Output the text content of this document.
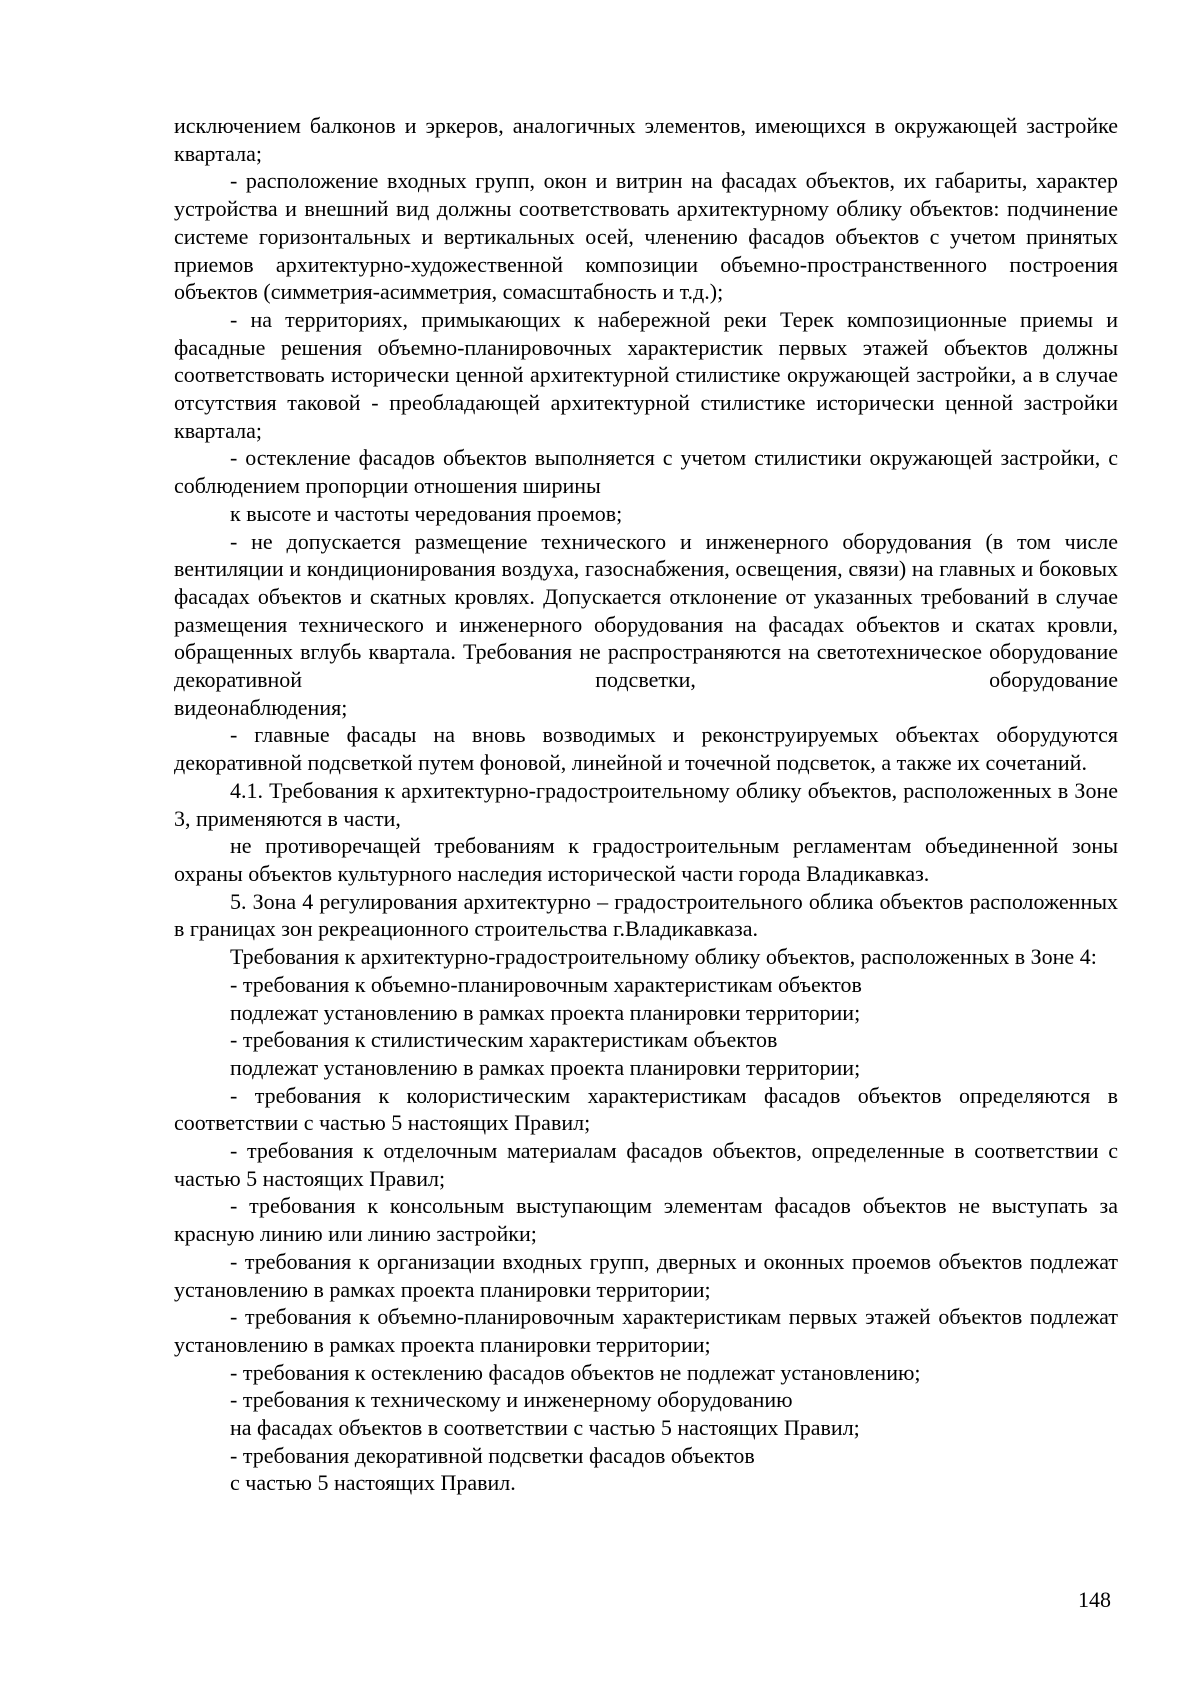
исключением балконов и эркеров, аналогичных элементов, имеющихся в окружающей застройке квартала;

- расположение входных групп, окон и витрин на фасадах объектов, их габариты, характер устройства и внешний вид должны соответствовать архитектурному облику объектов: подчинение системе горизонтальных и вертикальных осей, членению фасадов объектов с учетом принятых приемов архитектурно-художественной композиции объемно-пространственного построения объектов (симметрия-асимметрия, сомасштабность и т.д.);

- на территориях, примыкающих к набережной реки Терек композиционные приемы и фасадные решения объемно-планировочных характеристик первых этажей объектов должны соответствовать исторически ценной архитектурной стилистике окружающей застройки, а в случае отсутствия таковой - преобладающей архитектурной стилистике исторически ценной застройки квартала;

- остекление фасадов объектов выполняется с учетом стилистики окружающей застройки, с соблюдением пропорции отношения ширины

к высоте и частоты чередования проемов;

- не допускается размещение технического и инженерного оборудования (в том числе вентиляции и кондиционирования воздуха, газоснабжения, освещения, связи) на главных и боковых фасадах объектов и скатных кровлях. Допускается отклонение от указанных требований в случае размещения технического и инженерного оборудования на фасадах объектов и скатах кровли, обращенных вглубь квартала. Требования не распространяются на светотехническое оборудование декоративной подсветки, оборудование

видеонаблюдения;

- главные фасады на вновь возводимых и реконструируемых объектах оборудуются декоративной подсветкой путем фоновой, линейной и точечной подсветок, а также их сочетаний.

4.1. Требования к архитектурно-градостроительному облику объектов, расположенных в Зоне 3, применяются в части,

не противоречащей требованиям к градостроительным регламентам объединенной зоны охраны объектов культурного наследия исторической части города Владикавказ.

5. Зона 4 регулирования архитектурно – градостроительного облика объектов расположенных в границах зон рекреационного строительства г.Владикавказа.

Требования к архитектурно-градостроительному облику объектов, расположенных в Зоне 4:

- требования к объемно-планировочным характеристикам объектов

подлежат установлению в рамках проекта планировки территории;

- требования к стилистическим характеристикам объектов

подлежат установлению в рамках проекта планировки территории;

- требования к колористическим характеристикам фасадов объектов определяются в соответствии с частью 5 настоящих Правил;

- требования к отделочным материалам фасадов объектов, определенные в соответствии с частью 5 настоящих Правил;

- требования к консольным выступающим элементам фасадов объектов не выступать за красную линию или линию застройки;

- требования к организации входных групп, дверных и оконных проемов объектов подлежат установлению в рамках проекта планировки территории;

- требования к объемно-планировочным характеристикам первых этажей объектов подлежат установлению в рамках проекта планировки территории;

- требования к остеклению фасадов объектов не подлежат установлению;

- требования к техническому и инженерному оборудованию

на фасадах объектов в соответствии с частью 5 настоящих Правил;

- требования декоративной подсветки фасадов объектов

с частью 5 настоящих Правил.

148
